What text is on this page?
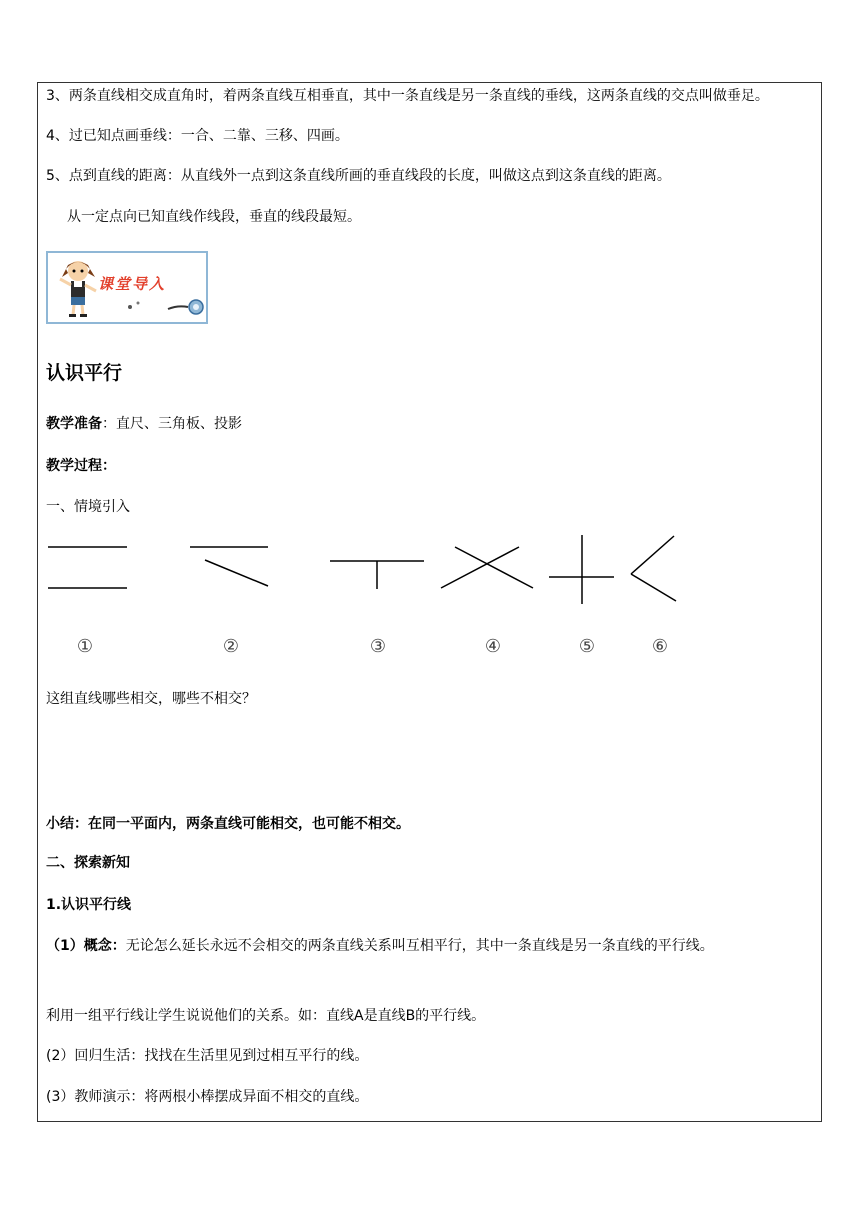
3、两条直线相交成直角时，着两条直线互相垂直，其中一条直线是另一条直线的垂线，这两条直线的交点叫做垂足。
4、过已知点画垂线：一合、二靠、三移、四画。
5、点到直线的距离：从直线外一点到这条直线所画的垂直线段的长度，叫做这点到这条直线的距离。
从一定点向已知直线作线段，垂直的线段最短。
课堂导入
认识平行
教学准备：直尺、三角板、投影
教学过程：
一、情境引入
①	②	③	④	⑤	⑥
这组直线哪些相交，哪些不相交？
小结：在同一平面内，两条直线可能相交，也可能不相交。
二、探索新知
1.认识平行线
（1）概念：无论怎么延长永远不会相交的两条直线关系叫互相平行，其中一条直线是另一条直线的平行线。
利用一组平行线让学生说说他们的关系。如：直线A是直线B的平行线。
(2）回归生活：找找在生活里见到过相互平行的线。
(3）教师演示：将两根小棒摆成异面不相交的直线。
